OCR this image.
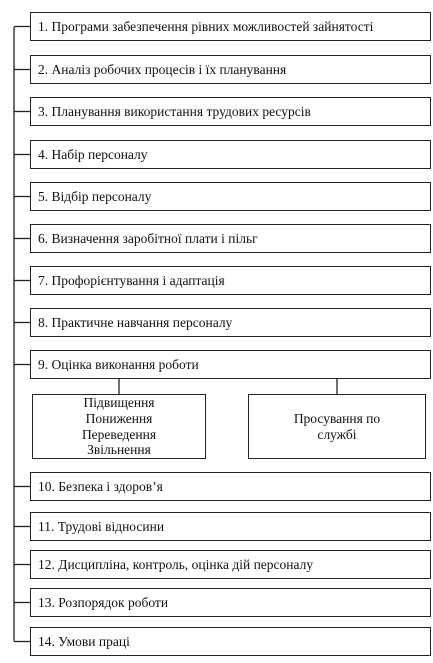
1. Програми забезпечення рівних можливостей зайнятості
2. Аналіз робочих процесів і їх планування
3. Планування використання трудових ресурсів
4. Набір персоналу
5. Відбір персоналу
6. Визначення заробітної плати і пільг
7. Профорієнтування і адаптація
8. Практичне навчання персоналу
9. Оцінка виконання роботи
10. Безпека і здоров’я
11. Трудові відносини
12. Дисципліна, контроль, оцінка дій персоналу
13. Розпорядок роботи
14. Умови праці
Підвищення
Пониження
Переведення
Звільнення
Просування по
службі
